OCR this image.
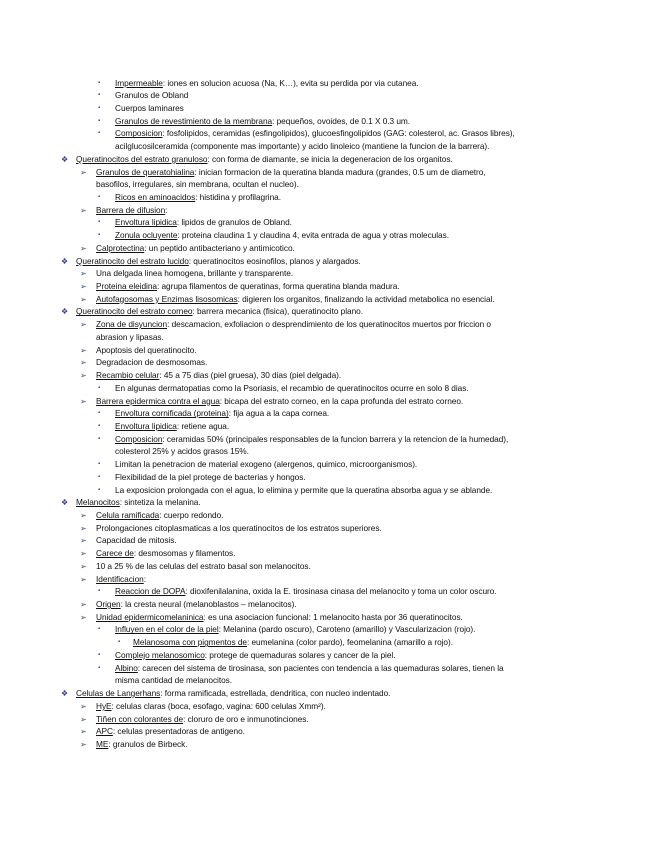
▪ Impermeable: iones en solucion acuosa (Na, K…), evita su perdida por via cutanea.
▪ Granulos de Obland
▪ Cuerpos laminares
▪ Granulos de revestimiento de la membrana: pequeños, ovoides, de 0.1 X 0.3 um.
▪ Composicion: fosfolipidos, ceramidas (esfingolipidos), glucoesfingolipidos (GAG: colesterol, ac. Grasos libres),
acilglucosilceramida (componente mas importante) y acido linoleico (mantiene la funcion de la barrera).
❖ Queratinocitos del estrato granuloso: con forma de diamante, se inicia la degeneracion de los organitos.
➢ Granulos de queratohialina: inician formacion de la queratina blanda madura (grandes, 0.5 um de diametro,
basofilos, irregulares, sin membrana, ocultan el nucleo).
▪ Ricos en aminoacidos: histidina y profilagrina.
➢ Barrera de difusion:
▪ Envoltura lipidica: lipidos de granulos de Obland.
▪ Zonula ocluyente: proteina claudina 1 y claudina 4, evita entrada de agua y otras moleculas.
➢ Calprotectina: un peptido antibacteriano y antimicotico.
❖ Queratinocito del estrato lucido: queratinocitos eosinofilos, planos y alargados.
➢ Una delgada linea homogena, brillante y transparente.
➢ Proteina eleidina: agrupa filamentos de queratinas, forma queratina blanda madura.
➢ Autofagosomas y Enzimas lisosomicas: digieren los organitos, finalizando la actividad metabolica no esencial.
❖ Queratinocito del estrato corneo: barrera mecanica (fisica), queratinocito plano.
➢ Zona de disyuncion: descamacion, exfoliacion o desprendimiento de los queratinocitos muertos por friccion o
abrasion y lipasas.
➢ Apoptosis del queratinocito.
➢ Degradacion de desmosomas.
➢ Recambio celular: 45 a 75 dias (piel gruesa), 30 dias (piel delgada).
▪ En algunas dermatopatias como la Psoriasis, el recambio de queratinocitos ocurre en solo 8 dias.
➢ Barrera epidermica contra el agua: bicapa del estrato corneo, en la capa profunda del estrato corneo.
▪ Envoltura cornificada (proteina): fija agua a la capa cornea.
▪ Envoltura lipidica: retiene agua.
▪ Composicion: ceramidas 50% (principales responsables de la funcion barrera y la retencion de la humedad),
colesterol 25% y acidos grasos 15%.
▪ Limitan la penetracion de material exogeno (alergenos, quimico, microorganismos).
▪ Flexibilidad de la piel protege de bacterias y hongos.
▪ La exposicion prolongada con el agua, lo elimina y permite que la queratina absorba agua y se ablande.
❖ Melanocitos: sintetiza la melanina.
➢ Celula ramificada: cuerpo redondo.
➢ Prolongaciones citoplasmaticas a los queratinocitos de los estratos superiores.
➢ Capacidad de mitosis.
➢ Carece de: desmosomas y filamentos.
➢ 10 a 25 % de las celulas del estrato basal son melanocitos.
➢ Identificacion:
▪ Reaccion de DOPA: dioxifenilalanina, oxida la E. tirosinasa cinasa del melanocito y toma un color oscuro.
➢ Origen: la cresta neural (melanoblastos – melanocitos).
➢ Unidad epidermicomelaninica: es una asociacion funcional: 1 melanocito hasta por 36 queratinocitos.
▪ Influyen en el color de la piel: Melanina (pardo oscuro), Caroteno (amarillo) y Vascularizacion (rojo).
▪ Melanosoma con pigmentos de: eumelanina (color pardo), feomelanina (amarillo a rojo).
▪ Complejo melanosomico: protege de quemaduras solares y cancer de la piel.
▪ Albino: carecen del sistema de tirosinasa, son pacientes con tendencia a las quemaduras solares, tienen la
misma cantidad de melanocitos.
❖ Celulas de Langerhans: forma ramificada, estrellada, dendritica, con nucleo indentado.
➢ HyE: celulas claras (boca, esofago, vagina: 600 celulas Xmm²).
➢ Tiñen con colorantes de: cloruro de oro e inmunotinciones.
➢ APC: celulas presentadoras de antigeno.
➢ ME: granulos de Birbeck.
